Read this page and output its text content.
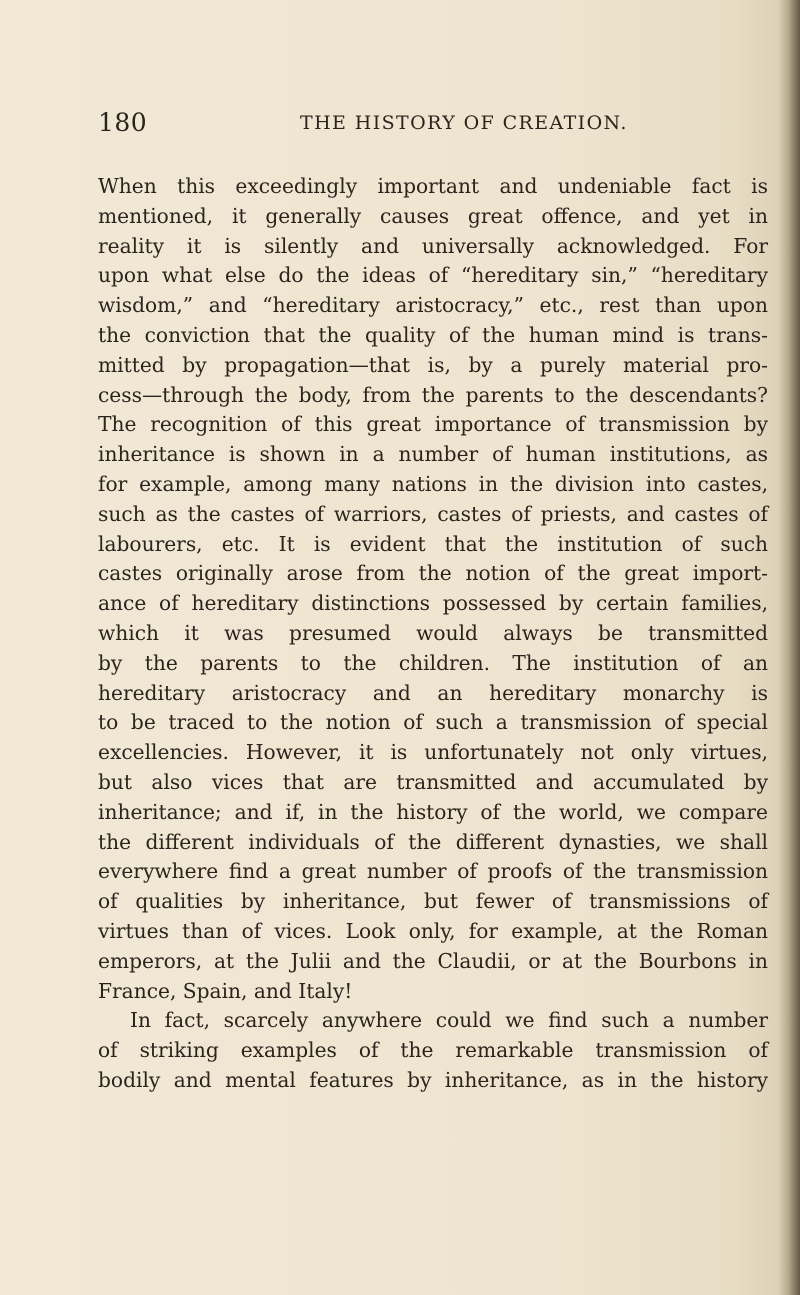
180	THE HISTORY OF CREATION.
When this exceedingly important and undeniable fact is
mentioned, it generally causes great offence, and yet in
reality it is silently and universally acknowledged. For
upon what else do the ideas of “hereditary sin,” “hereditary
wisdom,” and “hereditary aristocracy,” etc., rest than upon
the conviction that the quality of the human mind is trans-
mitted by propagation—that is, by a purely material pro-
cess—through the body, from the parents to the descendants?
The recognition of this great importance of transmission by
inheritance is shown in a number of human institutions, as
for example, among many nations in the division into castes,
such as the castes of warriors, castes of priests, and castes of
labourers, etc. It is evident that the institution of such
castes originally arose from the notion of the great import-
ance of hereditary distinctions possessed by certain families,
which it was presumed would always be transmitted
by the parents to the children. The institution of an
hereditary aristocracy and an hereditary monarchy is
to be traced to the notion of such a transmission of special
excellencies. However, it is unfortunately not only virtues,
but also vices that are transmitted and accumulated by
inheritance; and if, in the history of the world, we compare
the different individuals of the different dynasties, we shall
everywhere find a great number of proofs of the transmission
of qualities by inheritance, but fewer of transmissions of
virtues than of vices. Look only, for example, at the Roman
emperors, at the Julii and the Claudii, or at the Bourbons in
France, Spain, and Italy!
In fact, scarcely anywhere could we find such a number
of striking examples of the remarkable transmission of
bodily and mental features by inheritance, as in the history
